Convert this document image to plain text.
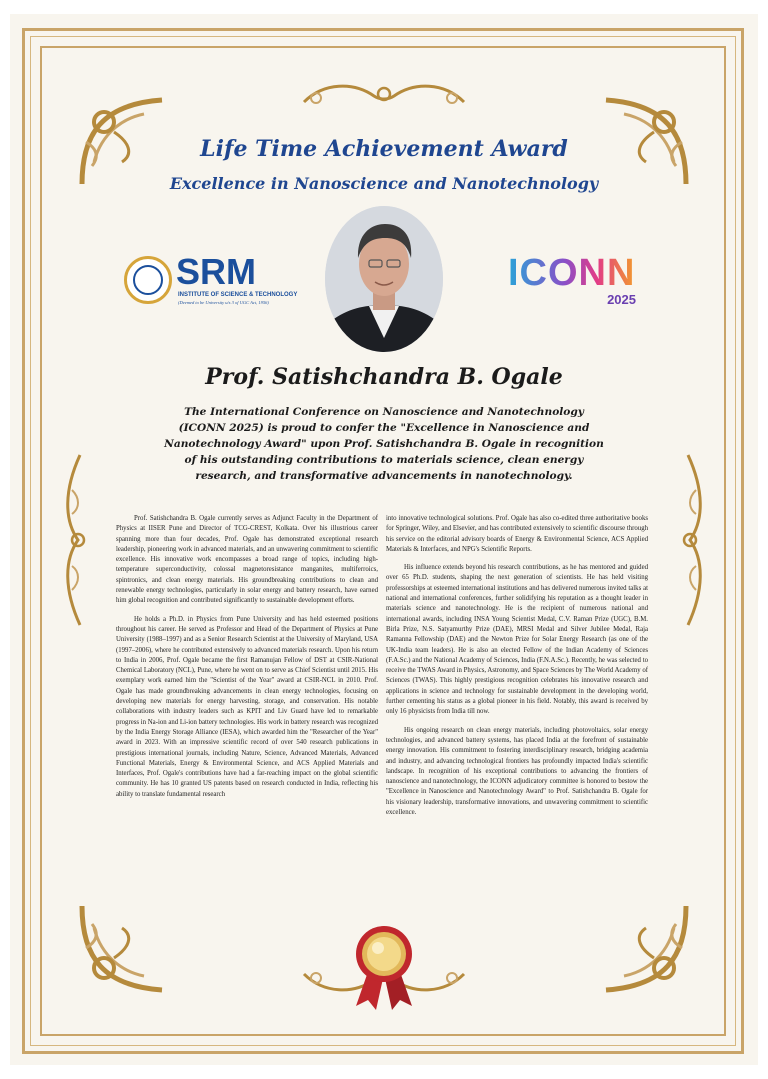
Life Time Achievement Award
Excellence in Nanoscience and Nanotechnology
SRM
INSTITUTE OF SCIENCE & TECHNOLOGY
(Deemed to be University u/s 3 of UGC Act, 1956)
ICONN
2025
Prof. Satishchandra B. Ogale

The International Conference on Nanoscience and Nanotechnology (ICONN 2025) is proud to confer the "Excellence in Nanoscience and Nanotechnology Award" upon Prof. Satishchandra B. Ogale in recognition of his outstanding contributions to materials science, clean energy research, and transformative advancements in nanotechnology.

Prof. Satishchandra B. Ogale currently serves as Adjunct Faculty in the Department of Physics at IISER Pune and Director of TCG-CREST, Kolkata. Over his illustrious career spanning more than four decades, Prof. Ogale has demonstrated exceptional research leadership, pioneering work in advanced materials, and an unwavering commitment to scientific excellence. His innovative work encompasses a broad range of topics, including high-temperature superconductivity, colossal magnetoresistance manganites, multiferroics, spintronics, and clean energy materials. His groundbreaking contributions to clean and renewable energy technologies, particularly in solar energy and battery research, have earned him global recognition and contributed significantly to sustainable development efforts.

He holds a Ph.D. in Physics from Pune University and has held esteemed positions throughout his career. He served as Professor and Head of the Department of Physics at Pune University (1988–1997) and as a Senior Research Scientist at the University of Maryland, USA (1997–2006), where he contributed extensively to advanced materials research. Upon his return to India in 2006, Prof. Ogale became the first Ramanujan Fellow of DST at CSIR-National Chemical Laboratory (NCL), Pune, where he went on to serve as Chief Scientist until 2015. His exemplary work earned him the "Scientist of the Year" award at CSIR-NCL in 2010. Prof. Ogale has made groundbreaking advancements in clean energy technologies, focusing on developing new materials for energy harvesting, storage, and conservation. His notable collaborations with industry leaders such as KPIT and Liv Guard have led to remarkable progress in Na-ion and Li-ion battery technologies. His work in battery research was recognized by the India Energy Storage Alliance (IESA), which awarded him the "Researcher of the Year" award in 2023. With an impressive scientific record of over 540 research publications in prestigious international journals, including Nature, Science, Advanced Materials, Advanced Functional Materials, Energy & Environmental Science, and ACS Applied Materials and Interfaces, Prof. Ogale's contributions have had a far-reaching impact on the global scientific community. He has 10 granted US patents based on research conducted in India, reflecting his ability to translate fundamental research

into innovative technological solutions. Prof. Ogale has also co-edited three authoritative books for Springer, Wiley, and Elsevier, and has contributed extensively to scientific discourse through his service on the editorial advisory boards of Energy & Environmental Science, ACS Applied Materials & Interfaces, and NPG's Scientific Reports.

His influence extends beyond his research contributions, as he has mentored and guided over 65 Ph.D. students, shaping the next generation of scientists. He has held visiting professorships at esteemed international institutions and has delivered numerous invited talks at national and international conferences, further solidifying his reputation as a thought leader in materials science and nanotechnology. He is the recipient of numerous national and international awards, including INSA Young Scientist Medal, C.V. Raman Prize (UGC), B.M. Birla Prize, N.S. Satyamurthy Prize (DAE), MRSI Medal and Silver Jubilee Medal, Raja Ramanna Fellowship (DAE) and the Newton Prize for Solar Energy Research (as one of the UK-India team leaders). He is also an elected Fellow of the Indian Academy of Sciences (F.A.Sc.) and the National Academy of Sciences, India (F.N.A.Sc.). Recently, he was selected to receive the TWAS Award in Physics, Astronomy, and Space Sciences by The World Academy of Sciences (TWAS). This highly prestigious recognition celebrates his innovative research and applications in science and technology for sustainable development in the developing world, further cementing his status as a global pioneer in his field. Notably, this award is received by only 16 physicists from India till now.

His ongoing research on clean energy materials, including photovoltaics, solar energy technologies, and advanced battery systems, has placed India at the forefront of sustainable energy innovation. His commitment to fostering interdisciplinary research, bridging academia and industry, and advancing technological frontiers has profoundly impacted India's scientific landscape. In recognition of his exceptional contributions to advancing the frontiers of nanoscience and nanotechnology, the ICONN adjudicatory committee is honored to bestow the "Excellence in Nanoscience and Nanotechnology Award" to Prof. Satishchandra B. Ogale for his visionary leadership, transformative innovations, and unwavering commitment to scientific excellence.
